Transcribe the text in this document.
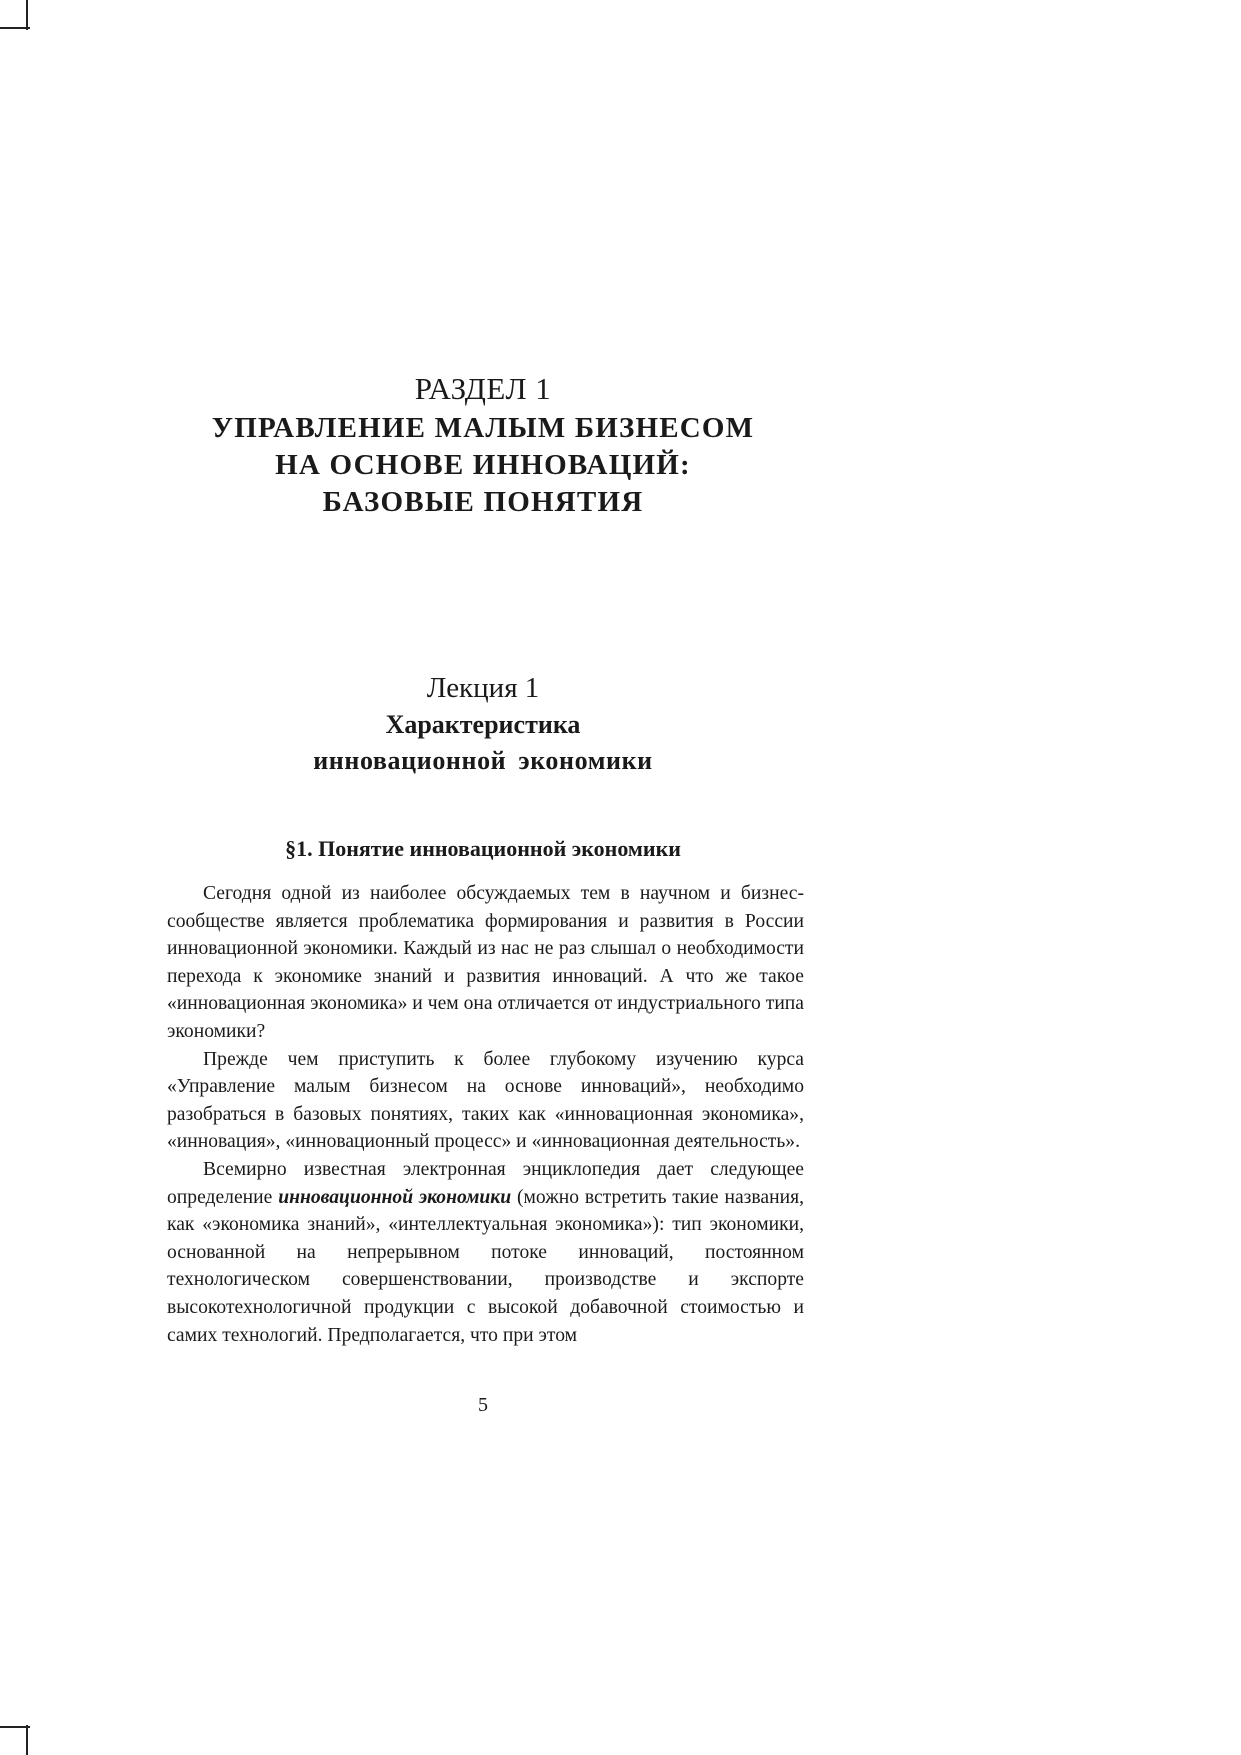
РАЗДЕЛ 1
УПРАВЛЕНИЕ МАЛЫМ БИЗНЕСОМ
НА ОСНОВЕ ИННОВАЦИЙ:
БАЗОВЫЕ ПОНЯТИЯ
Лекция 1
Характеристика
инновационной экономики
§1. Понятие инновационной экономики

Сегодня одной из наиболее обсуждаемых тем в научном и бизнес-сообществе является проблематика формирования и развития в России инновационной экономики. Каждый из нас не раз слышал о необходимости перехода к экономике знаний и развития инноваций. А что же такое «инновационная экономика» и чем она отличается от индустриального типа экономики?

Прежде чем приступить к более глубокому изучению курса «Управление малым бизнесом на основе инноваций», необходимо разобраться в базовых понятиях, таких как «инновационная экономика», «инновация», «инновационный процесс» и «инновационная деятельность».

Всемирно известная электронная энциклопедия дает следующее определение инновационной экономики (можно встретить такие названия, как «экономика знаний», «интеллектуальная экономика»): тип экономики, основанной на непрерывном потоке инноваций, постоянном технологическом совершенствовании, производстве и экспорте высокотехнологичной продукции с высокой добавочной стоимостью и самих технологий. Предполагается, что при этом

5
